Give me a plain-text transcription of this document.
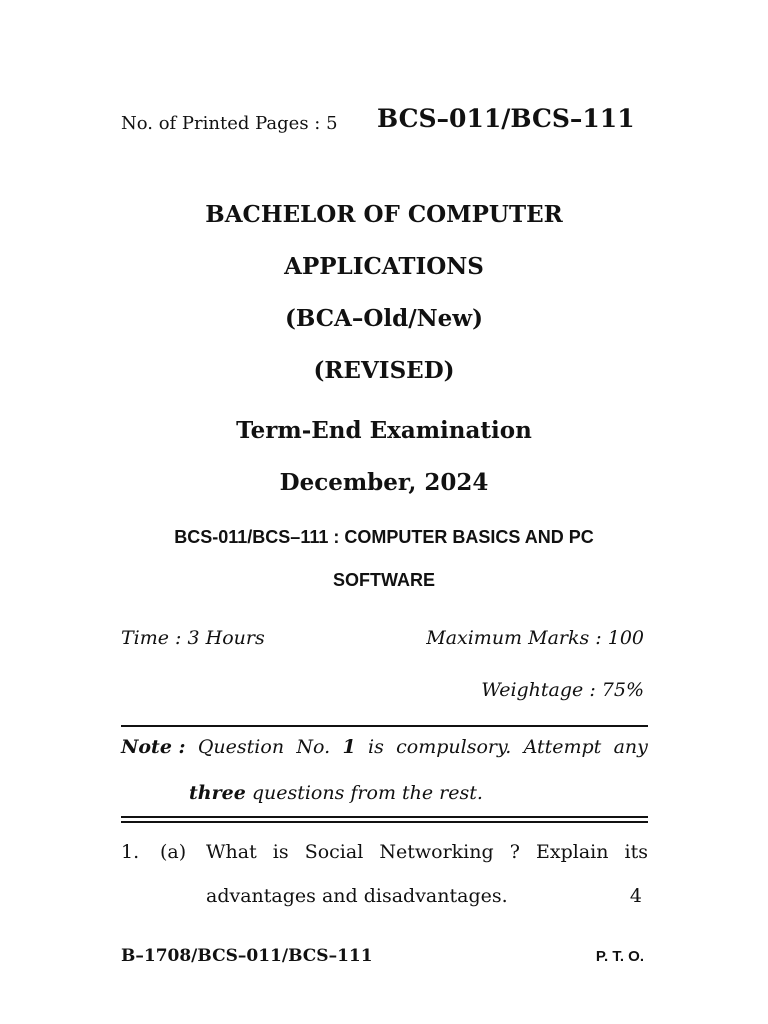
No. of Printed Pages : 5 BCS–011/BCS–111
BACHELOR OF COMPUTER
APPLICATIONS
(BCA–Old/New)
(REVISED)
Term-End Examination
December, 2024
BCS-011/BCS–111 : COMPUTER BASICS AND PC
SOFTWARE
Time : 3 Hours	Maximum Marks : 100
Weightage : 75%
Note : Question No. 1 is compulsory. Attempt any
three questions from the rest.
1. (a) What is Social Networking ? Explain its
advantages and disadvantages.	4
B–1708/BCS–011/BCS–111	P. T. O.
